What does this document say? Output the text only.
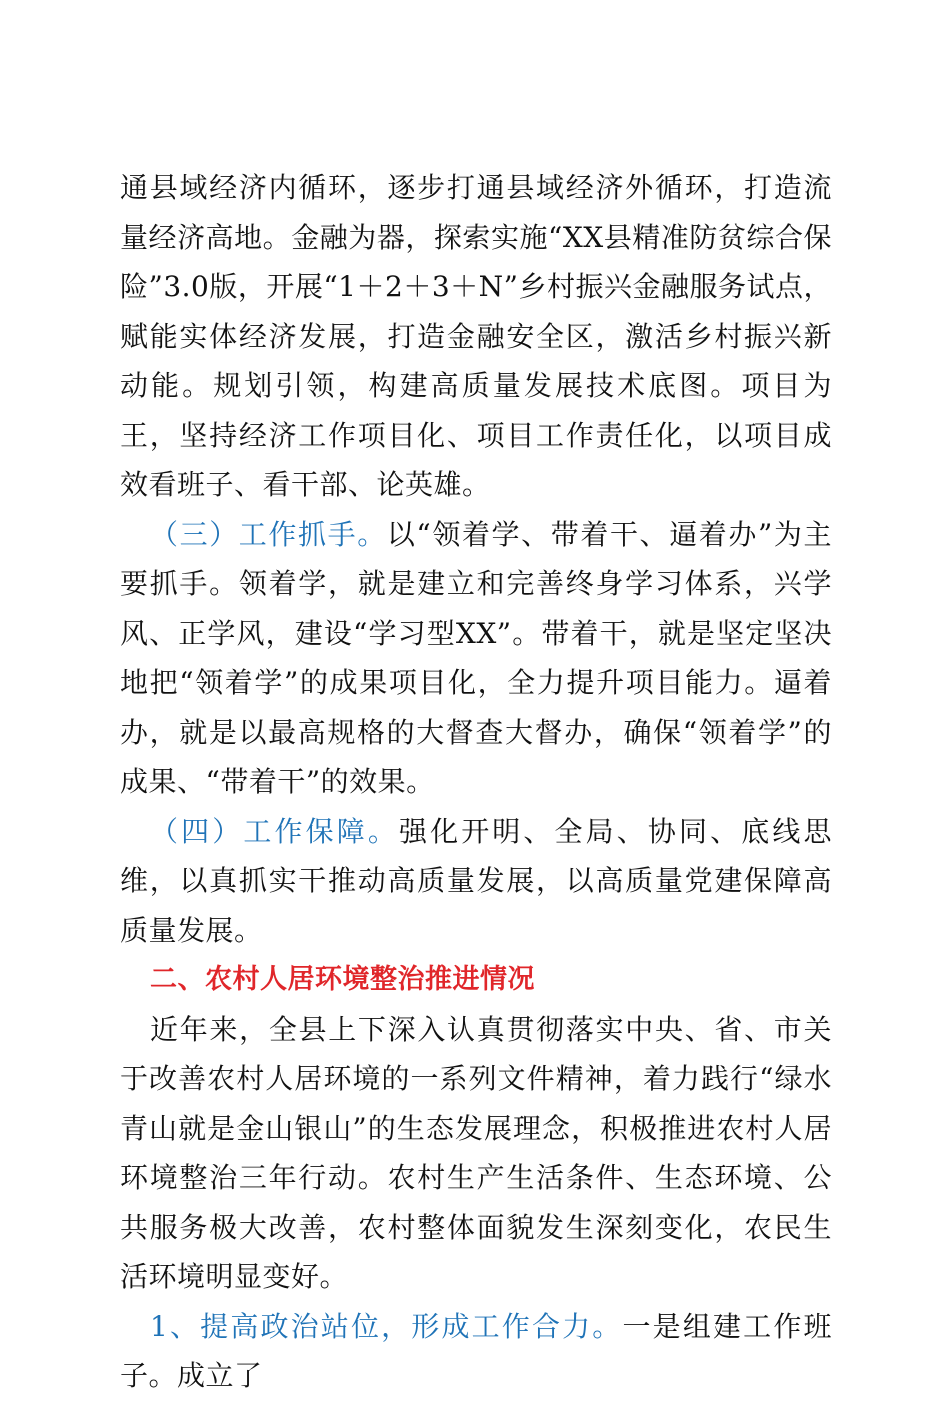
通县域经济内循环，逐步打通县域经济外循环，打造流量经济高地。金融为器，探索实施“XX县精准防贫综合保险”3.0版，开展“1＋2＋3＋N”乡村振兴金融服务试点，赋能实体经济发展，打造金融安全区，激活乡村振兴新动能。规划引领，构建高质量发展技术底图。项目为王，坚持经济工作项目化、项目工作责任化，以项目成效看班子、看干部、论英雄。

（三）工作抓手。以“领着学、带着干、逼着办”为主要抓手。领着学，就是建立和完善终身学习体系，兴学风、正学风，建设“学习型XX”。带着干，就是坚定坚决地把“领着学”的成果项目化，全力提升项目能力。逼着办，就是以最高规格的大督查大督办，确保“领着学”的成果、“带着干”的效果。

（四）工作保障。强化开明、全局、协同、底线思维，以真抓实干推动高质量发展，以高质量党建保障高质量发展。

二、农村人居环境整治推进情况

近年来，全县上下深入认真贯彻落实中央、省、市关于改善农村人居环境的一系列文件精神，着力践行“绿水青山就是金山银山”的生态发展理念，积极推进农村人居环境整治三年行动。农村生产生活条件、生态环境、公共服务极大改善，农村整体面貌发生深刻变化，农民生活环境明显变好。

1、提高政治站位，形成工作合力。一是组建工作班子。成立了
